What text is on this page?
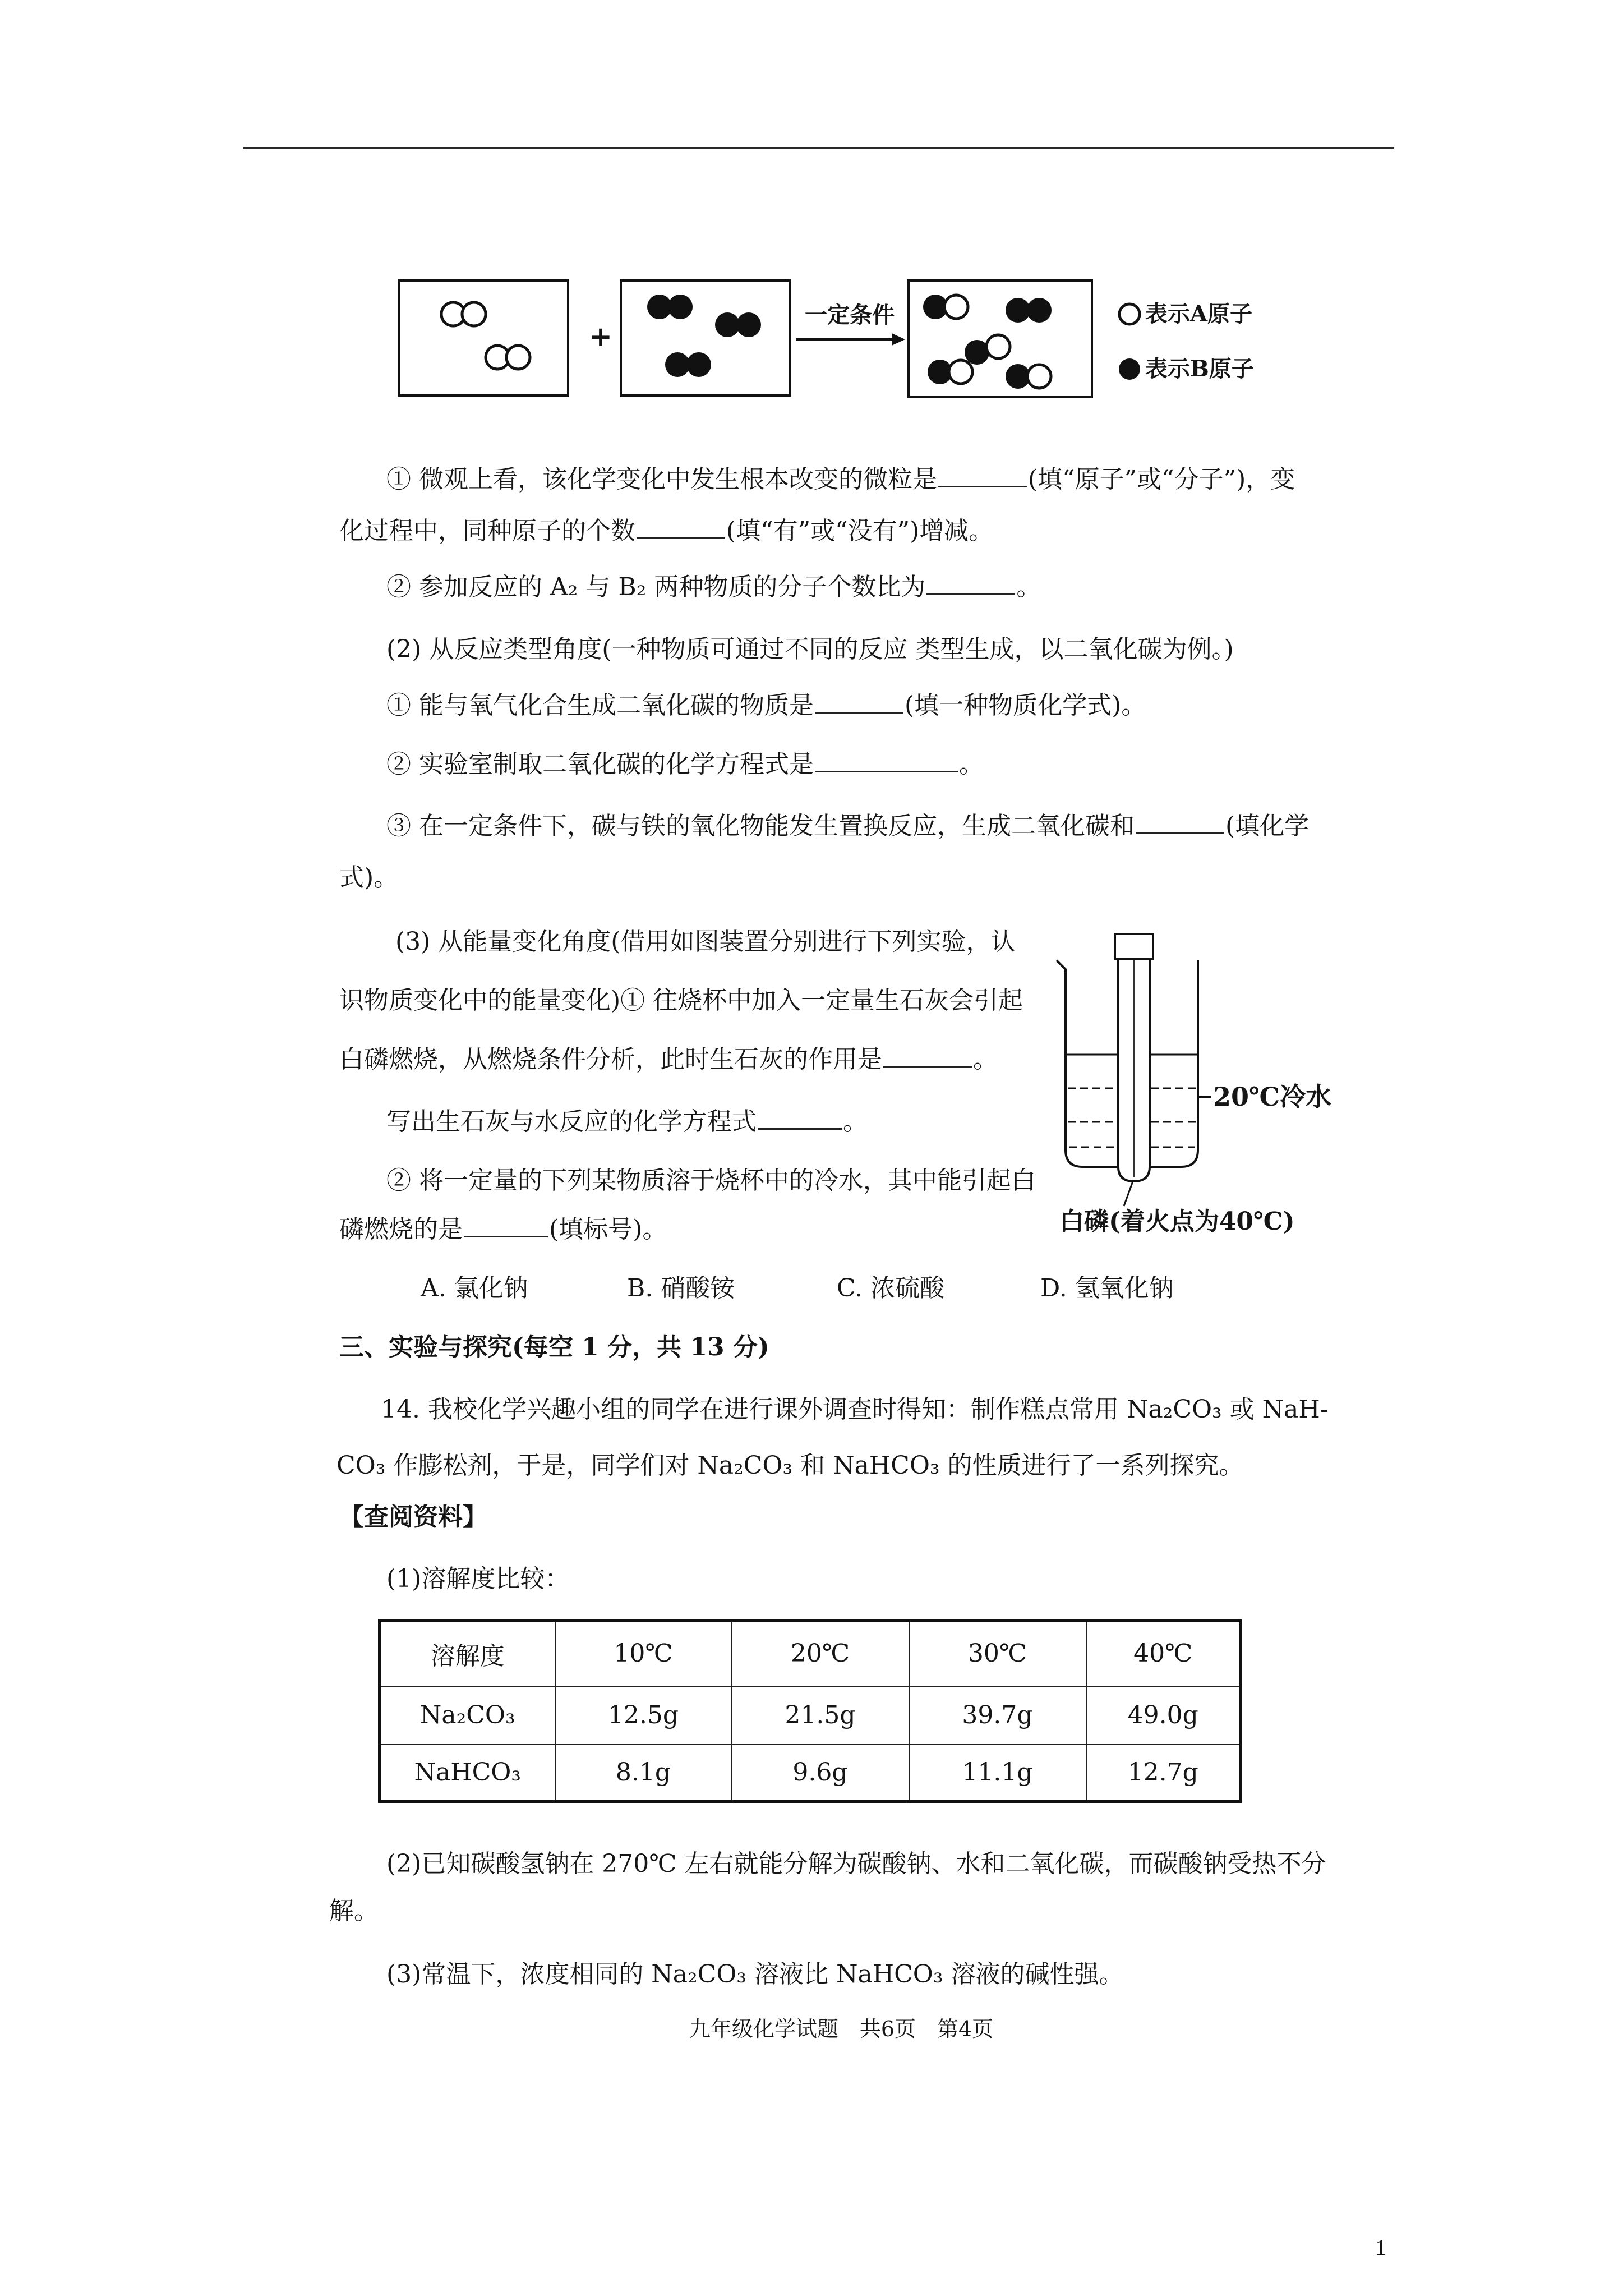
+
一定条件	表示A原子
表示B原子
① 微观上看，该化学变化中发生根本改变的微粒是	(填“原子”或“分子”)，变
化过程中，同种原子的个数	(填“有”或“没有”)增减。
② 参加反应的 A₂ 与 B₂ 两种物质的分子个数比为	。
(2) 从反应类型角度(一种物质可通过不同的反应 类型生成，以二氧化碳为例。)
① 能与氧气化合生成二氧化碳的物质是	(填一种物质化学式)。
② 实验室制取二氧化碳的化学方程式是	。
③ 在一定条件下，碳与铁的氧化物能发生置换反应，生成二氧化碳和	(填化学
式)。
(3) 从能量变化角度(借用如图装置分别进行下列实验，认
识物质变化中的能量变化)① 往烧杯中加入一定量生石灰会引起
白磷燃烧，从燃烧条件分析，此时生石灰的作用是	。
写出生石灰与水反应的化学方程式	。
② 将一定量的下列某物质溶于烧杯中的冷水，其中能引起白
磷燃烧的是	(填标号)。
A. 氯化钠	B. 硝酸铵	C. 浓硫酸	D. 氢氧化钠
20℃冷水
白磷(着火点为40℃)
三、实验与探究(每空 1 分，共 13 分)
14. 我校化学兴趣小组的同学在进行课外调查时得知：制作糕点常用 Na₂CO₃ 或 NaH-
CO₃ 作膨松剂，于是，同学们对 Na₂CO₃ 和 NaHCO₃ 的性质进行了一系列探究。
【查阅资料】
(1)溶解度比较：
溶解度	10℃	20℃	30℃	40℃
Na₂CO₃	12.5g	21.5g	39.7g	49.0g
NaHCO₃	8.1g	9.6g	11.1g	12.7g
(2)已知碳酸氢钠在 270℃ 左右就能分解为碳酸钠、水和二氧化碳，而碳酸钠受热不分
解。
(3)常温下，浓度相同的 Na₂CO₃ 溶液比 NaHCO₃ 溶液的碱性强。
九年级化学试题　共6页　第4页
1
